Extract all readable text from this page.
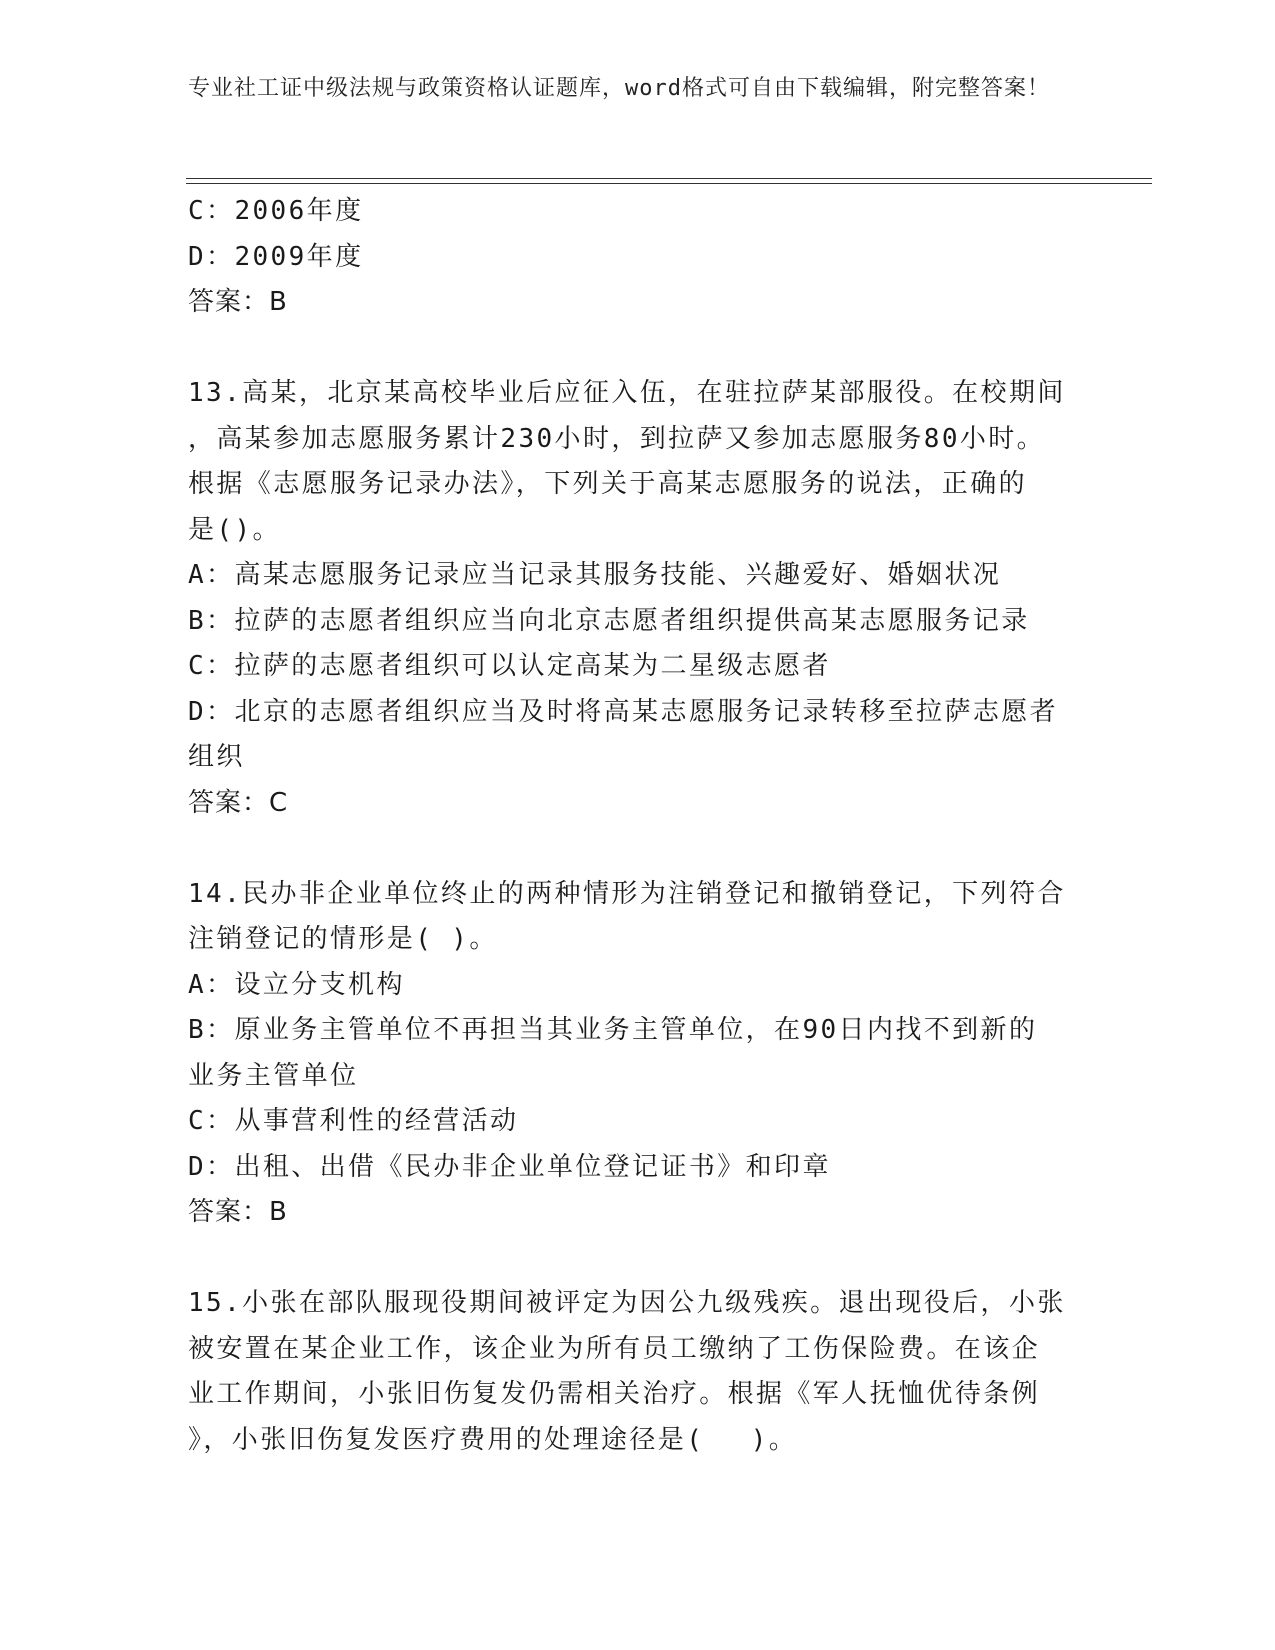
专业社工证中级法规与政策资格认证题库，word格式可自由下载编辑，附完整答案！
C：2006年度
D：2009年度
答案：B
13.高某，北京某高校毕业后应征入伍，在驻拉萨某部服役。在校期间
，高某参加志愿服务累计230小时，到拉萨又参加志愿服务80小时。
根据《志愿服务记录办法》，下列关于高某志愿服务的说法，正确的
是()。
A：高某志愿服务记录应当记录其服务技能、兴趣爱好、婚姻状况
B：拉萨的志愿者组织应当向北京志愿者组织提供高某志愿服务记录
C：拉萨的志愿者组织可以认定高某为二星级志愿者
D：北京的志愿者组织应当及时将高某志愿服务记录转移至拉萨志愿者
组织
答案：C
14.民办非企业单位终止的两种情形为注销登记和撤销登记，下列符合
注销登记的情形是( )。
A：设立分支机构
B：原业务主管单位不再担当其业务主管单位，在90日内找不到新的
业务主管单位
C：从事营利性的经营活动
D：出租、出借《民办非企业单位登记证书》和印章
答案：B
15.小张在部队服现役期间被评定为因公九级残疾。退出现役后，小张
被安置在某企业工作，该企业为所有员工缴纳了工伤保险费。在该企
业工作期间，小张旧伤复发仍需相关治疗。根据《军人抚恤优待条例
》，小张旧伤复发医疗费用的处理途径是(　 )。
